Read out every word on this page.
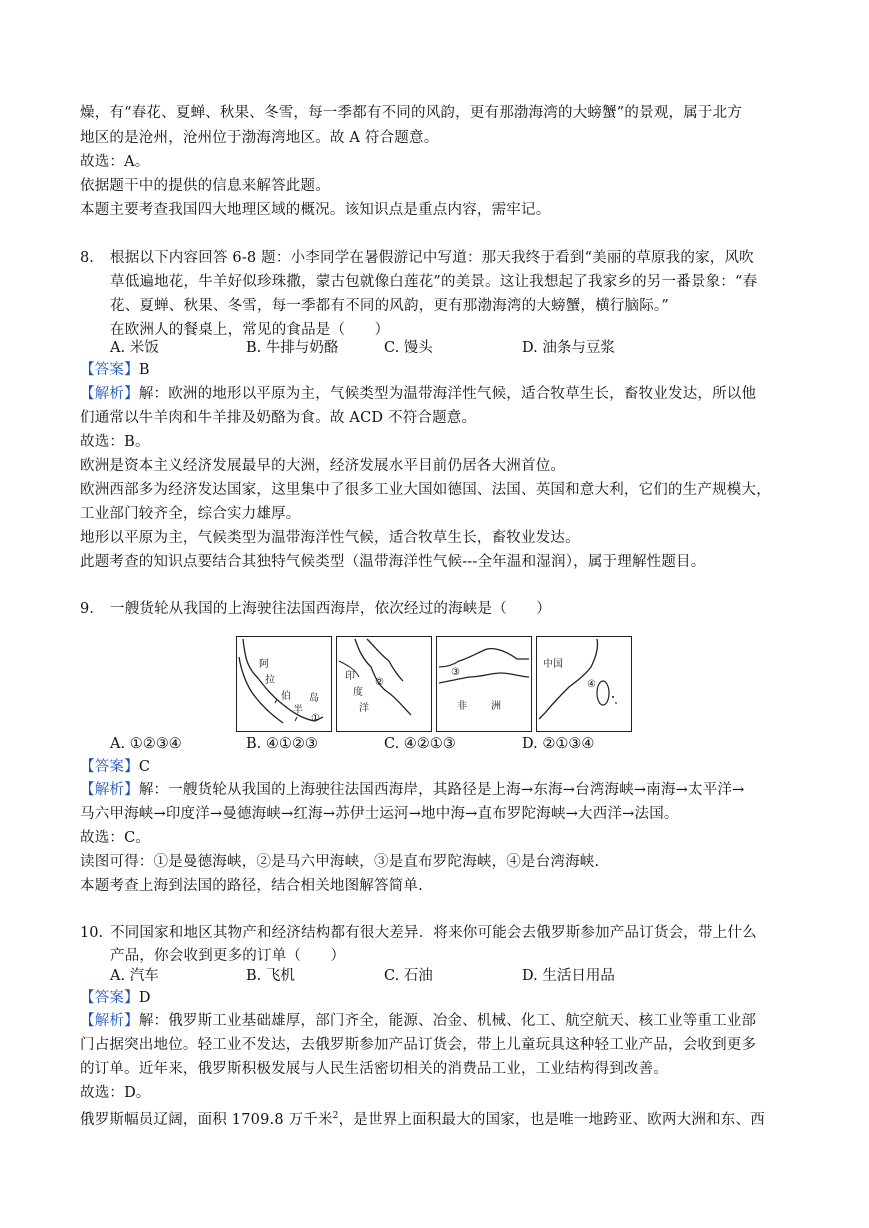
燥，有“春花、夏蝉、秋果、冬雪，每一季都有不同的风韵，更有那渤海湾的大螃蟹”的景观，属于北方
地区的是沧州，沧州位于渤海湾地区。故 A 符合题意。
故选：A。
依据题干中的提供的信息来解答此题。
本题主要考查我国四大地理区域的概况。该知识点是重点内容，需牢记。
8. 根据以下内容回答 6-8 题：小李同学在暑假游记中写道：那天我终于看到“美丽的草原我的家，风吹
草低遍地花，牛羊好似珍珠撒，蒙古包就像白莲花”的美景。这让我想起了我家乡的另一番景象：“春
花、夏蝉、秋果、冬雪，每一季都有不同的风韵，更有那渤海湾的大螃蟹，横行脑际。”
在欧洲人的餐桌上，常见的食品是（　　）
A. 米饭	B. 牛排与奶酪	C. 馒头	D. 油条与豆浆
【答案】B
【解析】解：欧洲的地形以平原为主，气候类型为温带海洋性气候，适合牧草生长，畜牧业发达，所以他
们通常以牛羊肉和牛羊排及奶酪为食。故 ACD 不符合题意。
故选：B。
欧洲是资本主义经济发展最早的大洲，经济发展水平目前仍居各大洲首位。
欧洲西部多为经济发达国家，这里集中了很多工业大国如德国、法国、英国和意大利，它们的生产规模大，
工业部门较齐全，综合实力雄厚。
地形以平原为主，气候类型为温带海洋性气候，适合牧草生长，畜牧业发达。
此题考查的知识点要结合其独特气候类型（温带海洋性气候---全年温和湿润），属于理解性题目。
9. 一艘货轮从我国的上海驶往法国西海岸，依次经过的海峡是（　　）
阿
拉
伯
半
岛
①
印
度
洋
②
③
非 洲
中国
④
A. ①②③④	B. ④①②③	C. ④②①③	D. ②①③④
【答案】C
【解析】解：一艘货轮从我国的上海驶往法国西海岸，其路径是上海→东海→台湾海峡→南海→太平洋→
马六甲海峡→印度洋→曼德海峡→红海→苏伊士运河→地中海→直布罗陀海峡→大西洋→法国。
故选：C。
读图可得：①是曼德海峡，②是马六甲海峡，③是直布罗陀海峡，④是台湾海峡.
本题考查上海到法国的路径，结合相关地图解答简单.
10. 不同国家和地区其物产和经济结构都有很大差异．将来你可能会去俄罗斯参加产品订货会，带上什么
产品，你会收到更多的订单（　　）
A. 汽车	B. 飞机	C. 石油	D. 生活日用品
【答案】D
【解析】解：俄罗斯工业基础雄厚，部门齐全，能源、冶金、机械、化工、航空航天、核工业等重工业部
门占据突出地位。轻工业不发达，去俄罗斯参加产品订货会，带上儿童玩具这种轻工业产品，会收到更多
的订单。近年来，俄罗斯积极发展与人民生活密切相关的消费品工业，工业结构得到改善。
故选：D。
俄罗斯幅员辽阔，面积 1709.8 万千米$^2$，是世界上面积最大的国家，也是唯一地跨亚、欧两大洲和东、西
